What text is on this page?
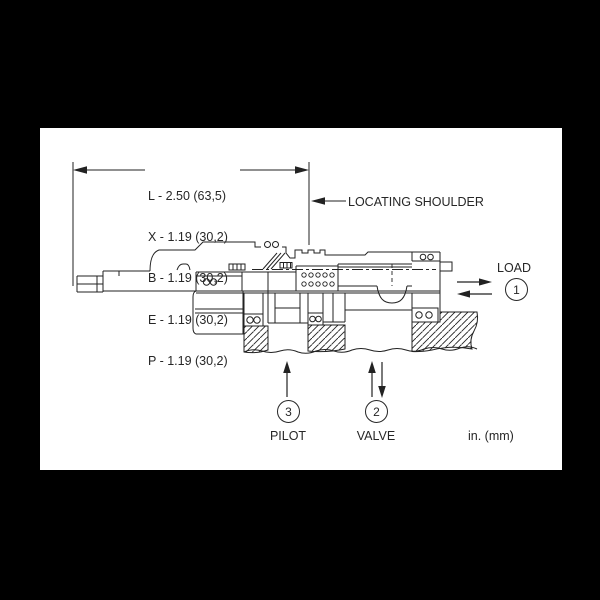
L - 2.50 (63,5)

X - 1.19 (30,2)

B - 1.19 (30,2)

E - 1.19 (30,2)

P - 1.19 (30,2)

LOCATING SHOULDER
LOAD
1
3
PILOT
2
VALVE	in. (mm)
